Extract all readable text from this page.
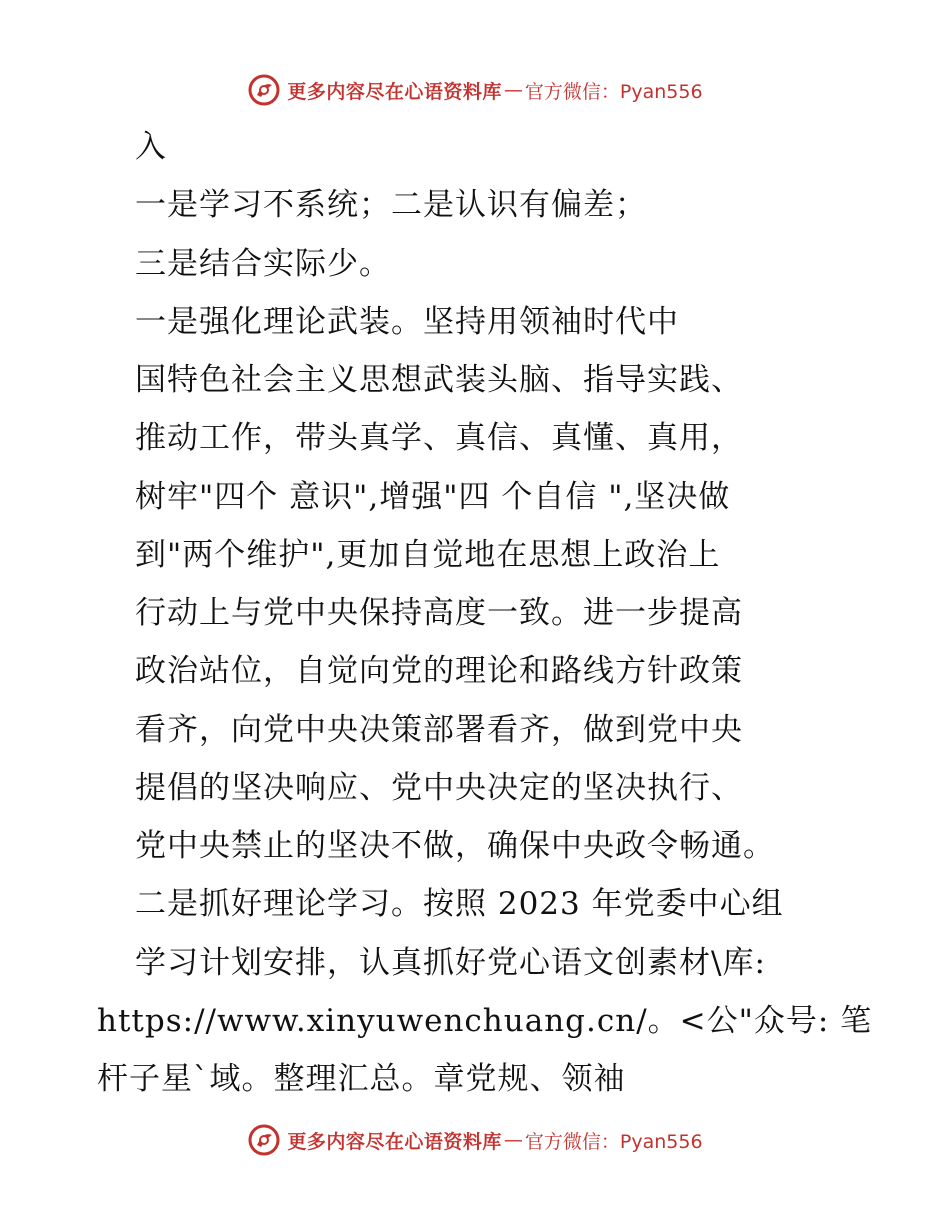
更多内容尽在心语资料库 — 官方微信：Pyan556
入
一是学习不系统；二是认识有偏差；
三是结合实际少。
一是强化理论武装。坚持用领袖时代中
国特色社会主义思想武装头脑、指导实践、
推动工作，带头真学、真信、真懂、真用，
树牢"四个 意识",增强"四 个自信 ",坚决做
到"两个维护",更加自觉地在思想上政治上
行动上与党中央保持高度一致。进一步提高
政治站位，自觉向党的理论和路线方针政策
看齐，向党中央决策部署看齐，做到党中央
提倡的坚决响应、党中央决定的坚决执行、
党中央禁止的坚决不做，确保中央政令畅通。
二是抓好理论学习。按照 2023 年党委中心组
学习计划安排，认真抓好党心语文创素材\库:
https://www.xinyuwenchuang.cn/。<公"众号: 笔
杆子星`域。整理汇总。章党规、领袖
更多内容尽在心语资料库 — 官方微信：Pyan556
